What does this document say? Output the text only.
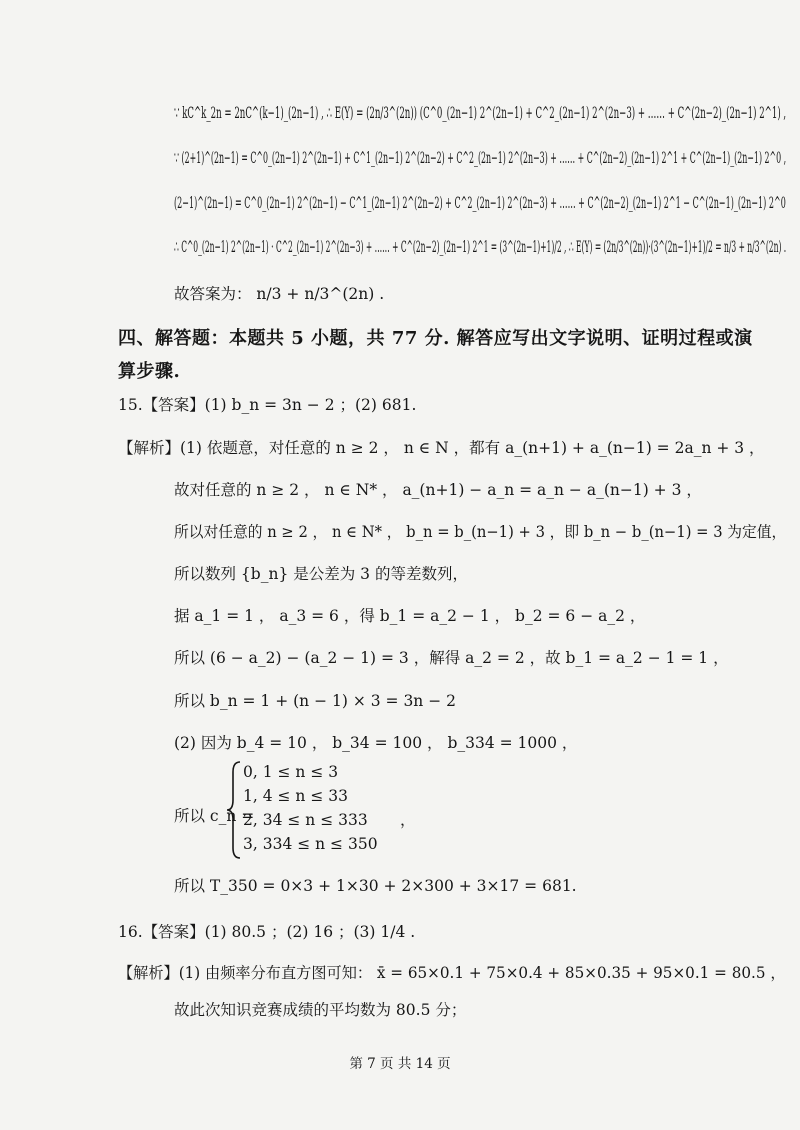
∵ kC^k_2n = 2nC^(k−1)_(2n−1) , ∴ E(Y) = (2n/3^(2n)) (C^0_(2n−1) 2^(2n−1) + C^2_(2n−1) 2^(2n−3) + …… + C^(2n−2)_(2n−1) 2^1) ,
∵ (2+1)^(2n−1) = C^0_(2n−1) 2^(2n−1) + C^1_(2n−1) 2^(2n−2) + C^2_(2n−1) 2^(2n−3) + …… + C^(2n−2)_(2n−1) 2^1 + C^(2n−1)_(2n−1) 2^0 ,
(2−1)^(2n−1) = C^0_(2n−1) 2^(2n−1) − C^1_(2n−1) 2^(2n−2) + C^2_(2n−1) 2^(2n−3) + …… + C^(2n−2)_(2n−1) 2^1 − C^(2n−1)_(2n−1) 2^0
∴ C^0_(2n−1) 2^(2n−1) · C^2_(2n−1) 2^(2n−3) + …… + C^(2n−2)_(2n−1) 2^1 = (3^(2n−1)+1)/2 , ∴ E(Y) = (2n/3^(2n))·(3^(2n−1)+1)/2 = n/3 + n/3^(2n) .
故答案为： n/3 + n/3^(2n) .
四、解答题：本题共 5 小题，共 77 分. 解答应写出文字说明、证明过程或演
算步骤.
15.【答案】(1) b_n = 3n − 2 ；(2) 681.
【解析】(1) 依题意，对任意的 n ≥ 2 ， n ∈ N ，都有 a_(n+1) + a_(n−1) = 2a_n + 3 ，
故对任意的 n ≥ 2 ， n ∈ N* ， a_(n+1) − a_n = a_n − a_(n−1) + 3 ，
所以对任意的 n ≥ 2 ， n ∈ N* ， b_n = b_(n−1) + 3 ，即 b_n − b_(n−1) = 3 为定值，
所以数列 {b_n} 是公差为 3 的等差数列，
据 a_1 = 1 ， a_3 = 6 ，得 b_1 = a_2 − 1 ， b_2 = 6 − a_2 ，
所以 (6 − a_2) − (a_2 − 1) = 3 ，解得 a_2 = 2 ，故 b_1 = a_2 − 1 = 1 ，
所以 b_n = 1 + (n − 1) × 3 = 3n − 2
(2) 因为 b_4 = 10 ， b_34 = 100 ， b_334 = 1000 ，
所以 c_n =
0, 1 ≤ n ≤ 3
1, 4 ≤ n ≤ 33
2, 34 ≤ n ≤ 333
3, 334 ≤ n ≤ 350
，
所以 T_350 = 0×3 + 1×30 + 2×300 + 3×17 = 681.
16.【答案】(1) 80.5 ；(2) 16 ；(3) 1/4 .
【解析】(1) 由频率分布直方图可知： x̄ = 65×0.1 + 75×0.4 + 85×0.35 + 95×0.1 = 80.5 ，
故此次知识竞赛成绩的平均数为 80.5 分；
第 7 页 共 14 页
